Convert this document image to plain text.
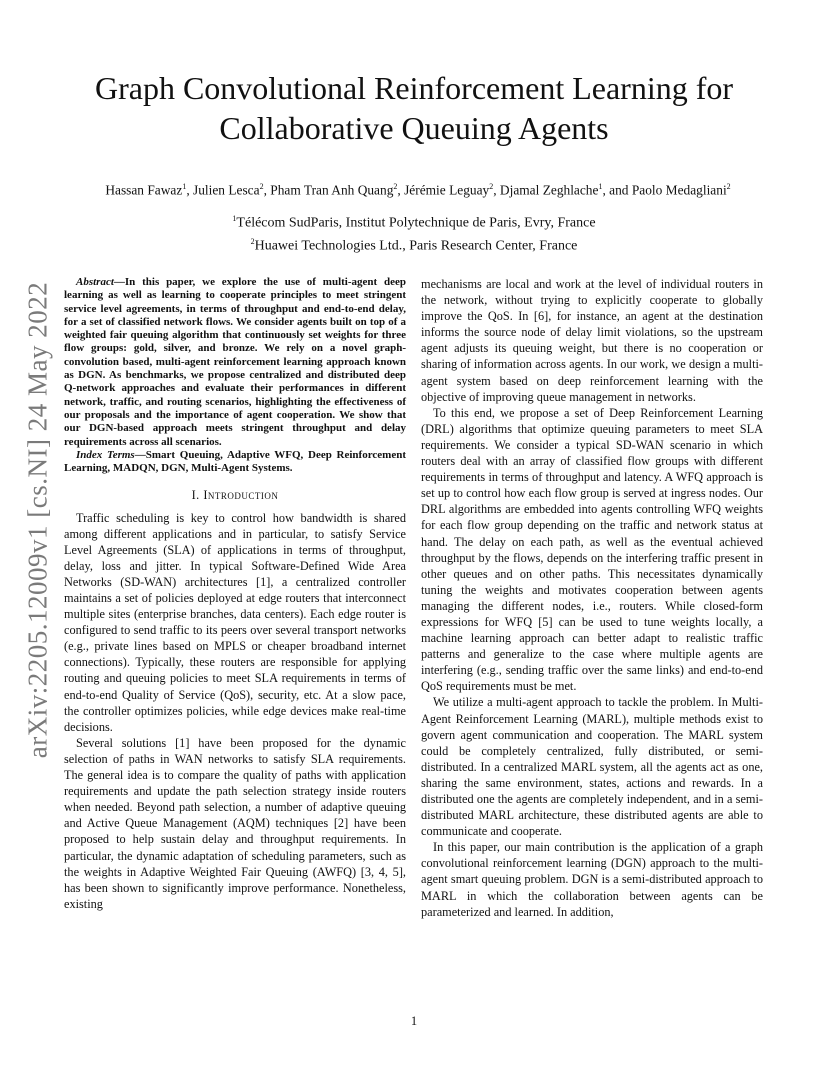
arXiv:2205.12009v1 [cs.NI] 24 May 2022
Graph Convolutional Reinforcement Learning for Collaborative Queuing Agents
Hassan Fawaz$^1$, Julien Lesca$^2$, Pham Tran Anh Quang$^2$, Jérémie Leguay$^2$, Djamal Zeghlache$^1$, and Paolo Medagliani$^2$
$^1$Télécom SudParis, Institut Polytechnique de Paris, Evry, France
$^2$Huawei Technologies Ltd., Paris Research Center, France

Abstract—In this paper, we explore the use of multi-agent deep learning as well as learning to cooperate principles to meet stringent service level agreements, in terms of throughput and end-to-end delay, for a set of classified network flows. We consider agents built on top of a weighted fair queuing algorithm that continuously set weights for three flow groups: gold, silver, and bronze. We rely on a novel graph-convolution based, multi-agent reinforcement learning approach known as DGN. As benchmarks, we propose centralized and distributed deep Q-network approaches and evaluate their performances in different network, traffic, and routing scenarios, highlighting the effectiveness of our proposals and the importance of agent cooperation. We show that our DGN-based approach meets stringent throughput and delay requirements across all scenarios.

Index Terms—Smart Queuing, Adaptive WFQ, Deep Reinforcement Learning, MADQN, DGN, Multi-Agent Systems.

I. Introduction

Traffic scheduling is key to control how bandwidth is shared among different applications and in particular, to satisfy Service Level Agreements (SLA) of applications in terms of throughput, delay, loss and jitter. In typical Software-Defined Wide Area Networks (SD-WAN) architectures [1], a centralized controller maintains a set of policies deployed at edge routers that interconnect multiple sites (enterprise branches, data centers). Each edge router is configured to send traffic to its peers over several transport networks (e.g., private lines based on MPLS or cheaper broadband internet connections). Typically, these routers are responsible for applying routing and queuing policies to meet SLA requirements in terms of end-to-end Quality of Service (QoS), security, etc. At a slow pace, the controller optimizes policies, while edge devices make real-time decisions.

Several solutions [1] have been proposed for the dynamic selection of paths in WAN networks to satisfy SLA requirements. The general idea is to compare the quality of paths with application requirements and update the path selection strategy inside routers when needed. Beyond path selection, a number of adaptive queuing and Active Queue Management (AQM) techniques [2] have been proposed to help sustain delay and throughput requirements. In particular, the dynamic adaptation of scheduling parameters, such as the weights in Adaptive Weighted Fair Queuing (AWFQ) [3, 4, 5], has been shown to significantly improve performance. Nonetheless, existing

mechanisms are local and work at the level of individual routers in the network, without trying to explicitly cooperate to globally improve the QoS. In [6], for instance, an agent at the destination informs the source node of delay limit violations, so the upstream agent adjusts its queuing weight, but there is no cooperation or sharing of information across agents. In our work, we design a multi-agent system based on deep reinforcement learning with the objective of improving queue management in networks.

To this end, we propose a set of Deep Reinforcement Learning (DRL) algorithms that optimize queuing parameters to meet SLA requirements. We consider a typical SD-WAN scenario in which routers deal with an array of classified flow groups with different requirements in terms of throughput and latency. A WFQ approach is set up to control how each flow group is served at ingress nodes. Our DRL algorithms are embedded into agents controlling WFQ weights for each flow group depending on the traffic and network status at hand. The delay on each path, as well as the eventual achieved throughput by the flows, depends on the interfering traffic present in other queues and on other paths. This necessitates dynamically tuning the weights and motivates cooperation between agents managing the different nodes, i.e., routers. While closed-form expressions for WFQ [5] can be used to tune weights locally, a machine learning approach can better adapt to realistic traffic patterns and generalize to the case where multiple agents are interfering (e.g., sending traffic over the same links) and end-to-end QoS requirements must be met.

We utilize a multi-agent approach to tackle the problem. In Multi-Agent Reinforcement Learning (MARL), multiple methods exist to govern agent communication and cooperation. The MARL system could be completely centralized, fully distributed, or semi-distributed. In a centralized MARL system, all the agents act as one, sharing the same environment, states, actions and rewards. In a distributed one the agents are completely independent, and in a semi-distributed MARL architecture, these distributed agents are able to communicate and cooperate.

In this paper, our main contribution is the application of a graph convolutional reinforcement learning (DGN) approach to the multi-agent smart queuing problem. DGN is a semi-distributed approach to MARL in which the collaboration between agents can be parameterized and learned. In addition,

1
